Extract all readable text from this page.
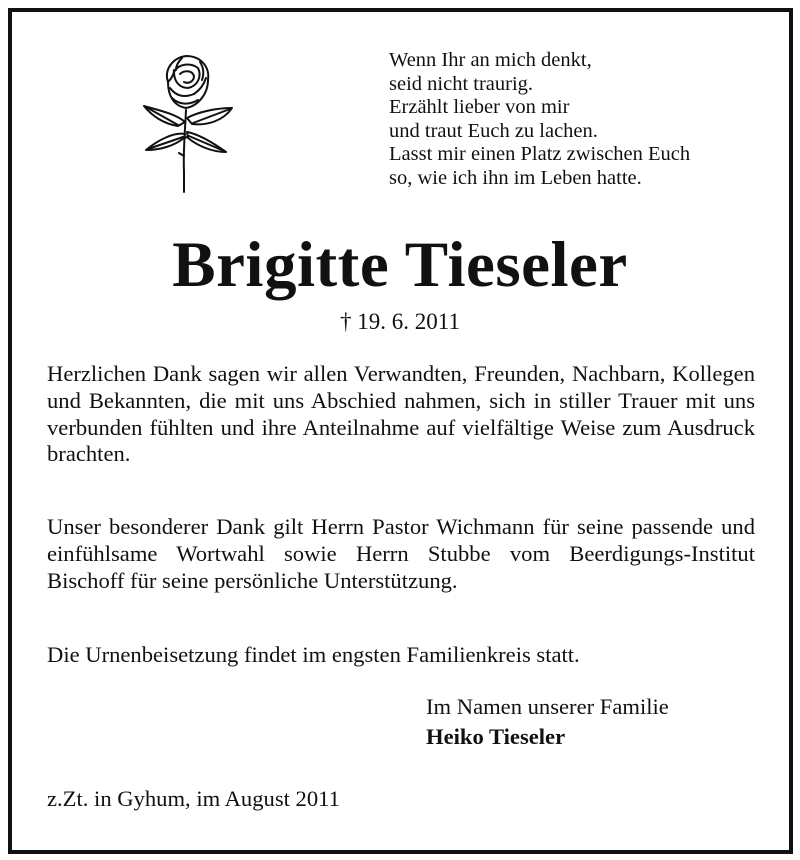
Wenn Ihr an mich denkt,
seid nicht traurig.
Erzählt lieber von mir
und traut Euch zu lachen.
Lasst mir einen Platz zwischen Euch
so, wie ich ihn im Leben hatte.
Brigitte Tieseler
† 19. 6. 2011
Herzlichen Dank sagen wir allen Verwandten, Freunden, Nachbarn, Kollegen und Bekannten, die mit uns Abschied nahmen, sich in stiller Trauer mit uns verbunden fühlten und ihre Anteilnahme auf vielfältige Weise zum Ausdruck brachten.
Unser besonderer Dank gilt Herrn Pastor Wichmann für seine passende und einfühlsame Wortwahl sowie Herrn Stubbe vom Beerdigungs-Institut Bischoff für seine persönliche Unterstützung.
Die Urnenbeisetzung findet im engsten Familienkreis statt.
Im Namen unserer Familie
Heiko Tieseler
z.Zt. in Gyhum, im August 2011
